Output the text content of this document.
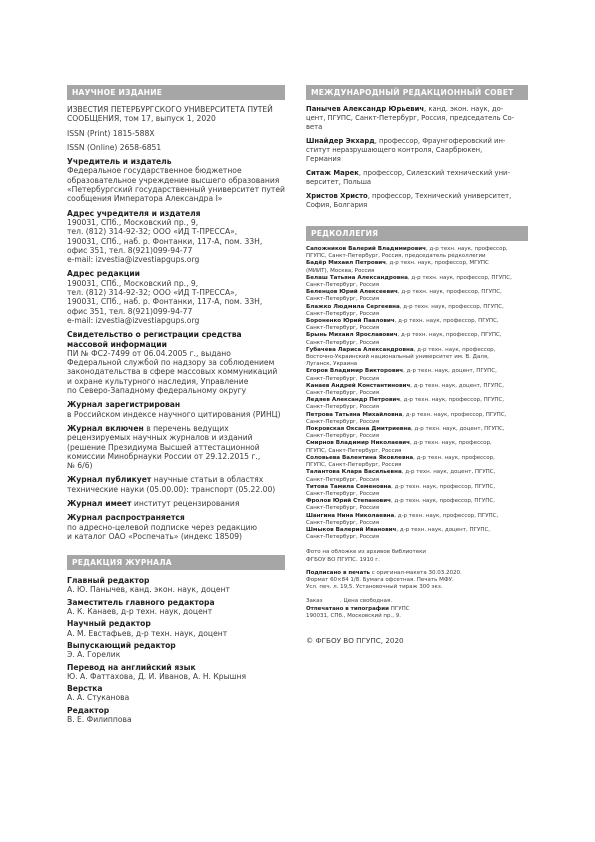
НАУЧНОЕ ИЗДАНИЕ
ИЗВЕСТИЯ ПЕТЕРБУРГСКОГО УНИВЕРСИТЕТА ПУТЕЙ
СООБЩЕНИЯ, том 17, выпуск 1, 2020
ISSN (Print) 1815-588X
ISSN (Online) 2658-6851
Учредитель и издатель
Федеральное государственное бюджетное
образовательное учреждение высшего образования
«Петербургский государственный университет путей
сообщения Императора Александра I»
Адрес учредителя и издателя
190031, СПб., Московский пр., 9,
тел. (812) 314-92-32; ООО «ИД Т-ПРЕССА»,
190031, СПб., наб. р. Фонтанки, 117-А, пом. 33Н,
офис 351, тел. 8(921)099-94-77
e-mail: izvestia@izvestiapgups.org
Адрес редакции
190031, СПб., Московский пр., 9,
тел. (812) 314-92-32; ООО «ИД Т-ПРЕССА»,
190031, СПб., наб. р. Фонтанки, 117-А, пом. 33Н,
офис 351, тел. 8(921)099-94-77
e-mail: izvestia@izvestiapgups.org
Свидетельство о регистрации средства
массовой информации
ПИ № ФС2-7499 от 06.04.2005 г., выдано
Федеральной службой по надзору за соблюдением
законодательства в сфере массовых коммуникаций
и охране культурного наследия, Управление
по Северо-Западному федеральному округу
Журнал зарегистрирован
в Российском индексе научного цитирования (РИНЦ)
Журнал включен в перечень ведущих
рецензируемых научных журналов и изданий
(решение Президиума Высшей аттестационной
комиссии Минобрнауки России от 29.12.2015 г.,
№ 6/6)
Журнал публикует научные статьи в областях
технические науки (05.00.00): транспорт (05.22.00)
Журнал имеет институт рецензирования
Журнал распространяется
по адресно-целевой подписке через редакцию
и каталог ОАО «Роспечать» (индекс 18509)
РЕДАКЦИЯ ЖУРНАЛА
Главный редактор
А. Ю. Панычев, канд. экон. наук, доцент
Заместитель главного редактора
А. К. Канаев, д-р техн. наук, доцент
Научный редактор
А. М. Евстафьев, д-р техн. наук, доцент
Выпускающий редактор
Э. А. Горелик
Перевод на английский язык
Ю. А. Фаттахова, Д. И. Иванов, А. Н. Крышня
Верстка
А. А. Стуканова
Редактор
В. Е. Филиппова
МЕЖДУНАРОДНЫЙ РЕДАКЦИОННЫЙ СОВЕТ
Панычев Александр Юрьевич, канд. экон. наук, до-
цент, ПГУПС, Санкт-Петербург, Россия, председатель Со-
вета
Шнайдер Экхард, профессор, Фраунгоферовский ин-
ститут неразрушающего контроля, Саарбрюкен,
Германия
Ситаж Марек, профессор, Силезский технический уни-
верситет, Польша
Христов Христо, профессор, Технический университет,
София, Болгария
РЕДКОЛЛЕГИЯ
Сапожников Валерий Владимирович, д-р техн. наук, профессор,
ПГУПС, Санкт-Петербург, Россия, председатель редколлегии
Бадёр Михаил Петрович, д-р техн. наук, профессор, МГУПС
(МИИТ), Москва, Россия
Белаш Татьяна Александровна, д-р техн. наук, профессор, ПГУПС,
Санкт-Петербург, Россия
Беленцов Юрий Алексеевич, д-р техн. наук, профессор, ПГУПС,
Санкт-Петербург, Россия
Блажко Людмила Сергеевна, д-р техн. наук, профессор, ПГУПС,
Санкт-Петербург, Россия
Бороненко Юрий Павлович, д-р техн. наук, профессор, ПГУПС,
Санкт-Петербург, Россия
Брынь Михаил Ярославович, д-р техн. наук, профессор, ПГУПС,
Санкт-Петербург, Россия
Губачева Лариса Александровна, д-р техн. наук, профессор,
Восточно-Украинский национальный университет им. В. Даля,
Луганск, Украина
Егоров Владимир Викторович, д-р техн. наук, доцент, ПГУПС,
Санкт-Петербург, Россия
Канаев Андрей Константинович, д-р техн. наук, доцент, ПГУПС,
Санкт-Петербург, Россия
Ледяев Александр Петрович, д-р техн. наук, профессор, ПГУПС,
Санкт-Петербург, Россия
Петрова Татьяна Михайловна, д-р техн. наук, профессор, ПГУПС,
Санкт-Петербург, Россия
Покровская Оксана Дмитриевна, д-р техн. наук, доцент, ПГУПС,
Санкт-Петербург, Россия
Смирнов Владимир Николаевич, д-р техн. наук, профессор,
ПГУПС, Санкт-Петербург, Россия
Соловьева Валентина Яковлевна, д-р техн. наук, профессор,
ПГУПС, Санкт-Петербург, Россия
Талантова Клара Васильевна, д-р техн. наук, доцент, ПГУПС,
Санкт-Петербург, Россия
Титова Тамила Семеновна, д-р техн. наук, профессор, ПГУПС,
Санкт-Петербург, Россия
Фролов Юрий Степанович, д-р техн. наук, профессор, ПГУПС,
Санкт-Петербург, Россия
Шангина Нина Николаевна, д-р техн. наук, профессор, ПГУПС,
Санкт-Петербург, Россия
Шмыков Валерий Иванович, д-р техн. наук, доцент, ПГУПС,
Санкт-Петербург, Россия
Фото на обложке из архивов библиотеки
ФГБОУ ВО ПГУПС. 1910 г.
Подписано в печать с оригинал-макета 30.03.2020.
Формат 60×84 1/8. Бумага офсетная. Печать МФУ.
Усл. печ. л. 19,5. Установочный тираж 300 экз.
Заказ          . Цена свободная.
Отпечатано в типографии ПГУПС
190031, СПб., Московский пр., 9.
© ФГБОУ ВО ПГУПС, 2020
